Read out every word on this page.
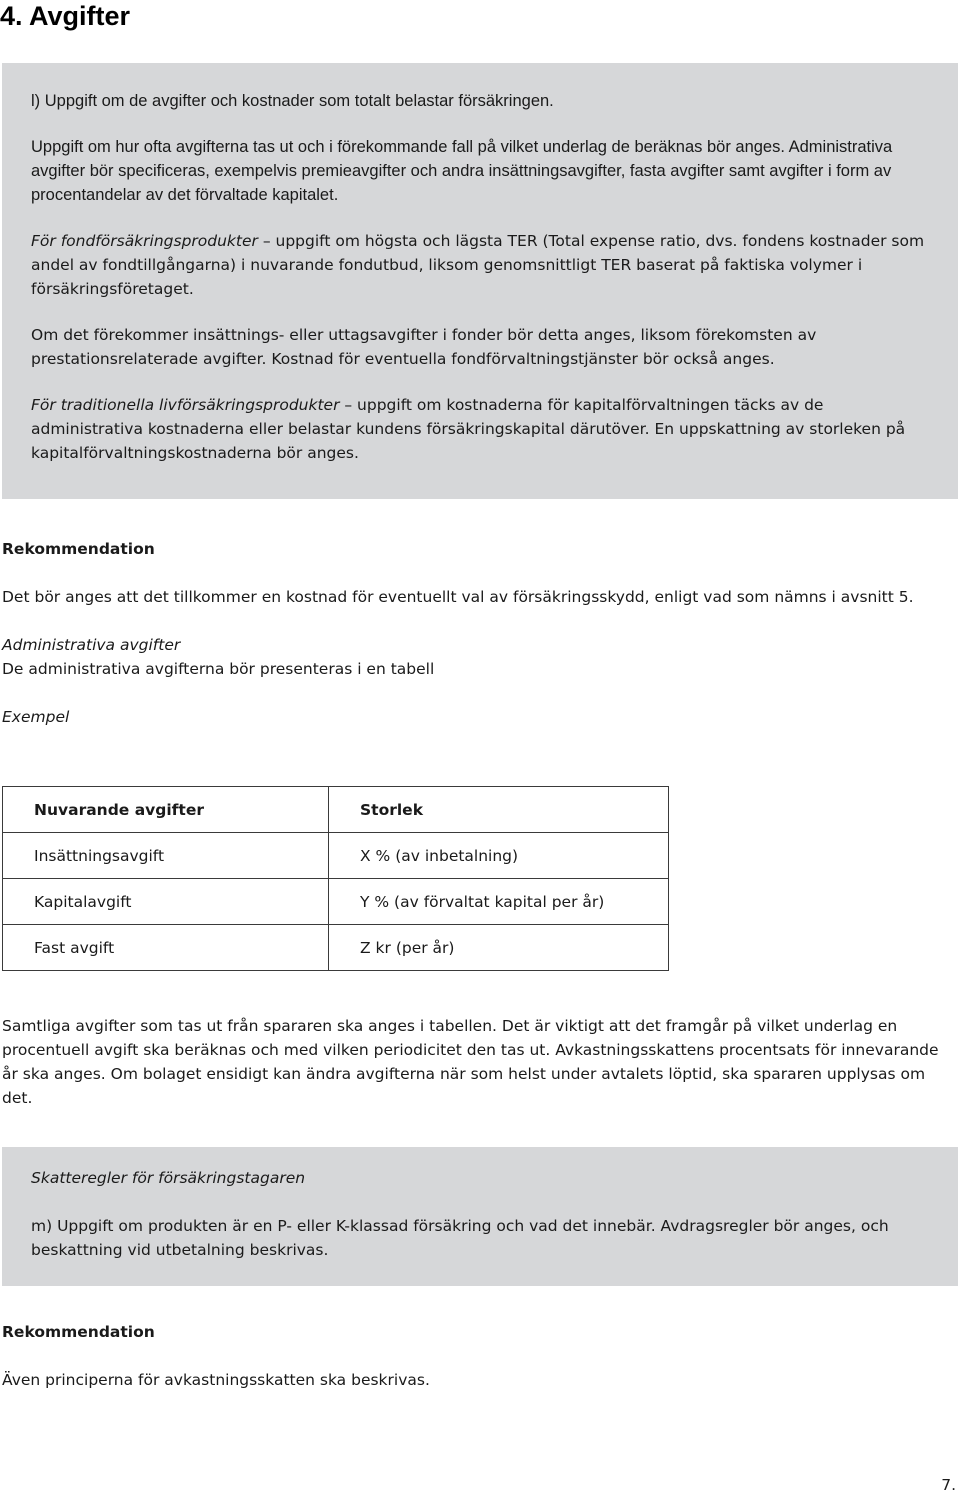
4. Avgifter

l) Uppgift om de avgifter och kostnader som totalt belastar försäkringen.

Uppgift om hur ofta avgifterna tas ut och i förekommande fall på vilket underlag de beräknas bör anges. Administrativa avgifter bör specificeras, exempelvis premieavgifter och andra insättningsavgifter, fasta avgifter samt avgifter i form av procentandelar av det förvaltade kapitalet.

För fondförsäkringsprodukter – uppgift om högsta och lägsta TER (Total expense ratio, dvs. fondens kostnader som andel av fondtillgångarna) i nuvarande fondutbud, liksom genomsnittligt TER baserat på faktiska volymer i försäkringsföretaget.

Om det förekommer insättnings- eller uttagsavgifter i fonder bör detta anges, liksom förekomsten av prestationsrelaterade avgifter. Kostnad för eventuella fondförvaltningstjänster bör också anges.

För traditionella livförsäkringsprodukter – uppgift om kostnaderna för kapitalförvaltningen täcks av de administrativa kostnaderna eller belastar kundens försäkringskapital därutöver. En uppskattning av storleken på kapitalförvaltningskostnaderna bör anges.

Rekommendation

Det bör anges att det tillkommer en kostnad för eventuellt val av försäkringsskydd, enligt vad som nämns i avsnitt 5.

Administrativa avgifter

De administrativa avgifterna bör presenteras i en tabell

Exempel

Nuvarande avgifter	Storlek
Insättningsavgift	X % (av inbetalning)
Kapitalavgift	Y % (av förvaltat kapital per år)
Fast avgift	Z kr (per år)

Samtliga avgifter som tas ut från spararen ska anges i tabellen. Det är viktigt att det framgår på vilket underlag en procentuell avgift ska beräknas och med vilken periodicitet den tas ut. Avkastningsskattens procentsats för innevarande år ska anges. Om bolaget ensidigt kan ändra avgifterna när som helst under avtalets löptid, ska spararen upplysas om det.

Skatteregler för försäkringstagaren

m) Uppgift om produkten är en P- eller K-klassad försäkring och vad det innebär. Avdragsregler bör anges, och beskattning vid utbetalning beskrivas.

Rekommendation

Även principerna för avkastningsskatten ska beskrivas.

7.
